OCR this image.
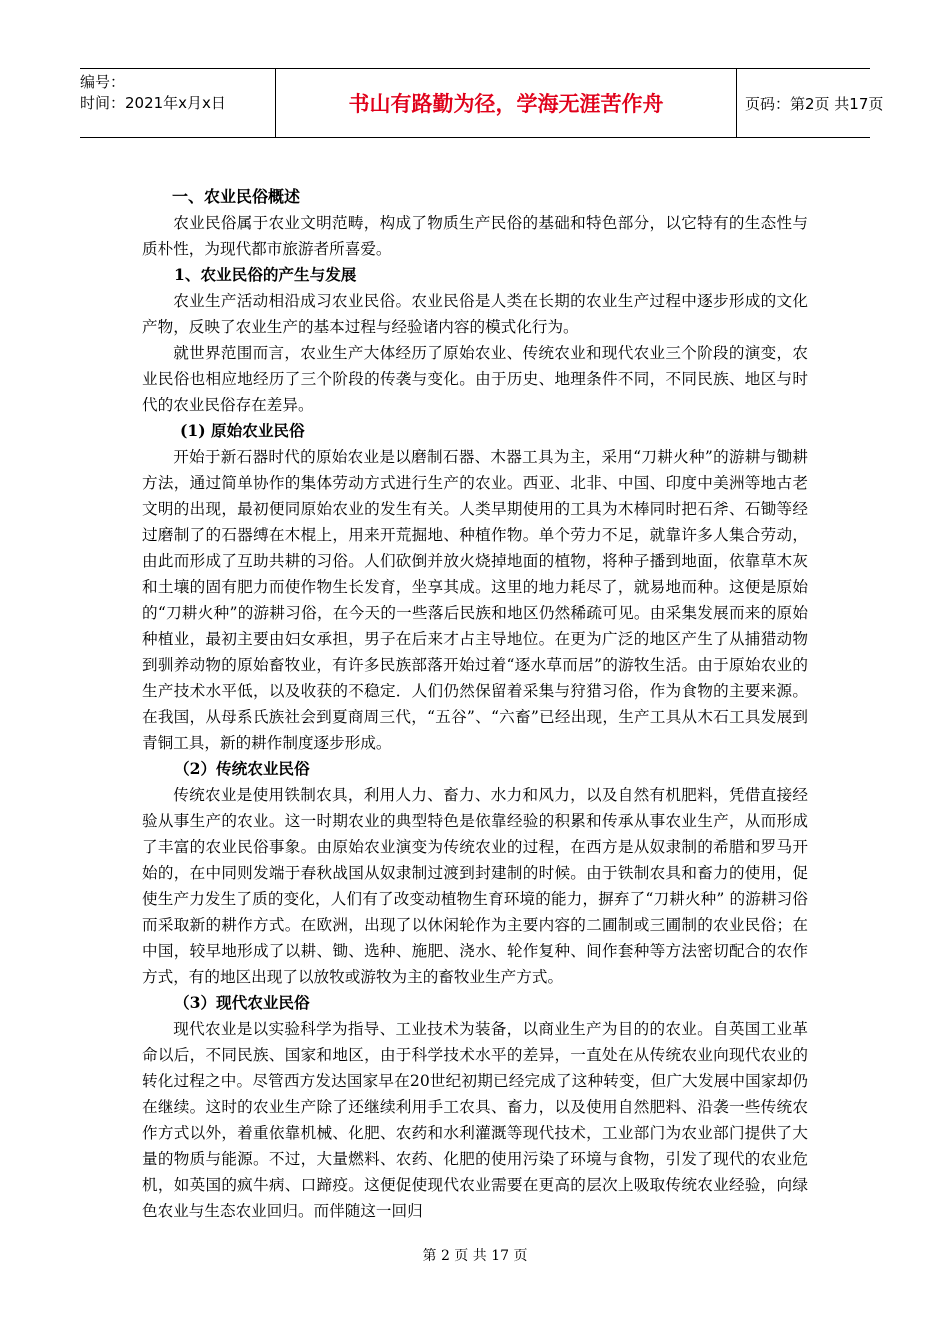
编号：
时间：2021年x月x日	书山有路勤为径，学海无涯苦作舟	页码：第2页 共17页
一、农业民俗概述

农业民俗属于农业文明范畴，构成了物质生产民俗的基础和特色部分，以它特有的生态性与质朴性，为现代都市旅游者所喜爱。

1、农业民俗的产生与发展

农业生产活动相沿成习农业民俗。农业民俗是人类在长期的农业生产过程中逐步形成的文化产物，反映了农业生产的基本过程与经验诸内容的模式化行为。

就世界范围而言，农业生产大体经历了原始农业、传统农业和现代农业三个阶段的演变，农业民俗也相应地经历了三个阶段的传袭与变化。由于历史、地理条件不同，不同民族、地区与时代的农业民俗存在差异。

(1) 原始农业民俗

开始于新石器时代的原始农业是以磨制石器、木器工具为主，采用“刀耕火种”的游耕与锄耕方法，通过简单协作的集体劳动方式进行生产的农业。西亚、北非、中国、印度中美洲等地古老文明的出现，最初便同原始农业的发生有关。人类早期使用的工具为木棒同时把石斧、石锄等经过磨制了的石器缚在木棍上，用来开荒掘地、种植作物。单个劳力不足，就靠许多人集合劳动，由此而形成了互助共耕的习俗。人们砍倒并放火烧掉地面的植物，将种子播到地面，依靠草木灰和土壤的固有肥力而使作物生长发育，坐享其成。这里的地力耗尽了，就易地而种。这便是原始的“刀耕火种”的游耕习俗，在今天的一些落后民族和地区仍然稀疏可见。由采集发展而来的原始种植业，最初主要由妇女承担，男子在后来才占主导地位。在更为广泛的地区产生了从捕猎动物到驯养动物的原始畜牧业，有许多民族部落开始过着“逐水草而居”的游牧生活。由于原始农业的生产技术水平低，以及收获的不稳定．人们仍然保留着采集与狩猎习俗，作为食物的主要来源。在我国，从母系氏族社会到夏商周三代，“五谷”、“六畜”已经出现，生产工具从木石工具发展到青铜工具，新的耕作制度逐步形成。

（2）传统农业民俗

传统农业是使用铁制农具，利用人力、畜力、水力和风力，以及自然有机肥料，凭借直接经验从事生产的农业。这一时期农业的典型特色是依靠经验的积累和传承从事农业生产，从而形成了丰富的农业民俗事象。由原始农业演变为传统农业的过程，在西方是从奴隶制的希腊和罗马开始的，在中同则发端于春秋战国从奴隶制过渡到封建制的时候。由于铁制农具和畜力的使用，促使生产力发生了质的变化，人们有了改变动植物生育环境的能力，摒弃了“刀耕火种” 的游耕习俗而采取新的耕作方式。在欧洲，出现了以休闲轮作为主要内容的二圃制或三圃制的农业民俗；在中国，较早地形成了以耕、锄、选种、施肥、浇水、轮作复种、间作套种等方法密切配合的农作方式，有的地区出现了以放牧或游牧为主的畜牧业生产方式。

（3）现代农业民俗

现代农业是以实验科学为指导、工业技术为装备，以商业生产为目的的农业。自英国工业革命以后，不同民族、国家和地区，由于科学技术水平的差异，一直处在从传统农业向现代农业的转化过程之中。尽管西方发达国家早在20世纪初期已经完成了这种转变，但广大发展中国家却仍在继续。这时的农业生产除了还继续利用手工农具、畜力，以及使用自然肥料、沿袭一些传统农作方式以外，着重依靠机械、化肥、农药和水利灌溉等现代技术，工业部门为农业部门提供了大量的物质与能源。不过，大量燃料、农药、化肥的使用污染了环境与食物，引发了现代的农业危机，如英国的疯牛病、口蹄疫。这便促使现代农业需要在更高的层次上吸取传统农业经验，向绿色农业与生态农业回归。而伴随这一回归

第 2 页 共 17 页
